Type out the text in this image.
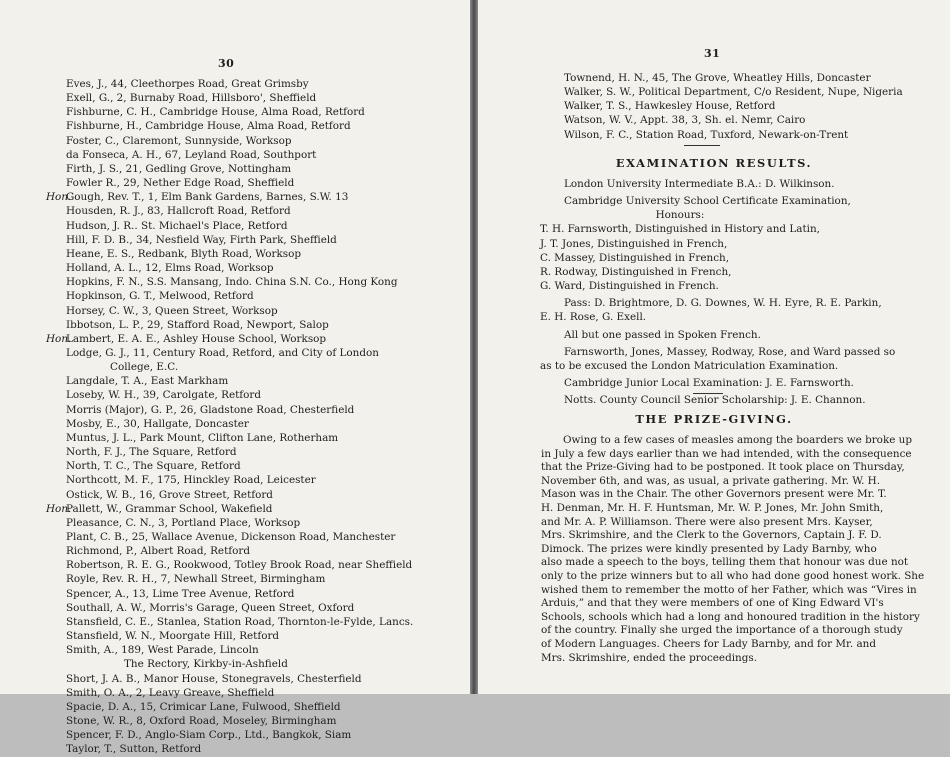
30
Eves, J., 44, Cleethorpes Road, Great Grimsby
Exell, G., 2, Burnaby Road, Hillsboro', Sheffield
Fishburne, C. H., Cambridge House, Alma Road, Retford
Fishburne, H., Cambridge House, Alma Road, Retford
Foster, C., Claremont, Sunnyside, Worksop
da Fonseca, A. H., 67, Leyland Road, Southport
Firth, J. S., 21, Gedling Grove, Nottingham
Fowler R., 29, Nether Edge Road, Sheffield
Hon .
Gough, Rev. T., 1, Elm Bank Gardens, Barnes, S.W. 13
Housden, R. J., 83, Hallcroft Road, Retford
Hudson, J. R.. St. Michael's Place, Retford
Hill, F. D. B., 34, Nesfield Way, Firth Park, Sheffield
Heane, E. S., Redbank, Blyth Road, Worksop
Holland, A. L., 12, Elms Road, Worksop
Hopkins, F. N., S.S. Mansang, Indo. China S.N. Co., Hong Kong
Hopkinson, G. T., Melwood, Retford
Horsey, C. W., 3, Queen Street, Worksop
Ibbotson, L. P., 29, Stafford Road, Newport, Salop
Hon .
Lambert, E. A. E., Ashley House School, Worksop
Lodge, G. J., 11, Century Road, Retford, and City of London
College, E.C.
Langdale, T. A., East Markham
Loseby, W. H., 39, Carolgate, Retford
Morris (Major), G. P., 26, Gladstone Road, Chesterfield
Mosby, E., 30, Hallgate, Doncaster
Muntus, J. L., Park Mount, Clifton Lane, Rotherham
North, F. J., The Square, Retford
North, T. C., The Square, Retford
Northcott, M. F., 175, Hinckley Road, Leicester
Ostick, W. B., 16, Grove Street, Retford
Hon .
Pallett, W., Grammar School, Wakefield
Pleasance, C. N., 3, Portland Place, Worksop
Plant, C. B., 25, Wallace Avenue, Dickenson Road, Manchester
Richmond, P., Albert Road, Retford
Robertson, R. E. G., Rookwood, Totley Brook Road, near Sheffield
Royle, Rev. R. H., 7, Newhall Street, Birmingham
Spencer, A., 13, Lime Tree Avenue, Retford
Southall, A. W., Morris's Garage, Queen Street, Oxford
Stansfield, C. E., Stanlea, Station Road, Thornton-le-Fylde, Lancs.
Stansfield, W. N., Moorgate Hill, Retford
Smith, A., 189, West Parade, Lincoln
The Rectory, Kirkby-in-Ashfield
Short, J. A. B., Manor House, Stonegravels, Chesterfield
Smith, O. A., 2, Leavy Greave, Sheffield
Spacie, D. A., 15, Crimicar Lane, Fulwood, Sheffield
Stone, W. R., 8, Oxford Road, Moseley, Birmingham
Spencer, F. D., Anglo-Siam Corp., Ltd., Bangkok, Siam
Taylor, T., Sutton, Retford
31
Townend, H. N., 45, The Grove, Wheatley Hills, Doncaster
Walker, S. W., Political Department, C/o Resident, Nupe, Nigeria
Walker, T. S., Hawkesley House, Retford
Watson, W. V., Appt. 38, 3, Sh. el. Nemr, Cairo
Wilson, F. C., Station Road, Tuxford, Newark-on-Trent
EXAMINATION RESULTS.
London University Intermediate B.A.: D. Wilkinson.
Cambridge University School Certificate Examination,
Honours:
T. H. Farnsworth, Distinguished in History and Latin,
J. T. Jones, Distinguished in French,
C. Massey, Distinguished in French,
R. Rodway, Distinguished in French,
G. Ward, Distinguished in French.
Pass: D. Brightmore, D. G. Downes, W. H. Eyre, R. E. Parkin,
E. H. Rose, G. Exell.
All but one passed in Spoken French.
Farnsworth, Jones, Massey, Rodway, Rose, and Ward passed so
as to be excused the London Matriculation Examination.
Cambridge Junior Local Examination: J. E. Farnsworth.
Notts. County Council Senior Scholarship: J. E. Channon.
THE PRIZE-GIVING.
Owing to a few cases of measles among the boarders we broke up
in July a few days earlier than we had intended, with the consequence
that the Prize-Giving had to be postponed. It took place on Thursday,
November 6th, and was, as usual, a private gathering. Mr. W. H.
Mason was in the Chair. The other Governors present were Mr. T.
H. Denman, Mr. H. F. Huntsman, Mr. W. P. Jones, Mr. John Smith,
and Mr. A. P. Williamson. There were also present Mrs. Kayser,
Mrs. Skrimshire, and the Clerk to the Governors, Captain J. F. D.
Dimock. The prizes were kindly presented by Lady Barnby, who
also made a speech to the boys, telling them that honour was due not
only to the prize winners but to all who had done good honest work. She
wished them to remember the motto of her Father, which was “Vires in
Arduis,” and that they were members of one of King Edward VI's
Schools, schools which had a long and honoured tradition in the history
of the country. Finally she urged the importance of a thorough study
of Modern Languages. Cheers for Lady Barnby, and for Mr. and
Mrs. Skrimshire, ended the proceedings.
